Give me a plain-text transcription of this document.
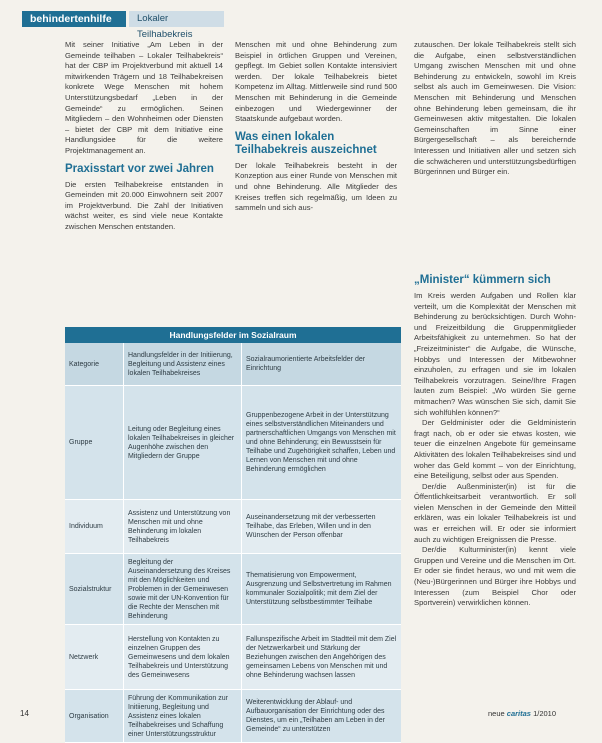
behindertenhilfe	Lokaler Teilhabekreis

Mit seiner Initiative „Am Leben in der Gemeinde teilhaben – Lokaler Teilhabekreis“ hat der CBP im Projektverbund mit aktuell 14 mitwirkenden Trägern und 18 Teilhabekreisen konkrete Wege Menschen mit hohem Unterstützungsbedarf „Leben in der Gemeinde“ zu ermöglichen. Seinen Mitgliedern – den Wohnheimen oder Diensten – bietet der CBP mit dem Initiative eine Handlungsidee für die weitere Projektmanagement an.

Praxisstart vor zwei Jahren

Die ersten Teilhabekreise entstanden in Gemeinden mit 20.000 Einwohnern seit 2007 im Projektverbund. Die Zahl der Initiativen wächst weiter, es sind viele neue Kontakte zwischen Menschen entstanden.

Menschen mit und ohne Behinderung zum Beispiel in örtlichen Gruppen und Vereinen, gepflegt. Im Gebiet sollen Kontakte intensiviert werden. Der lokale Teilhabekreis bietet Kompetenz im Alltag. Mittlerweile sind rund 500 Menschen mit Behinderung in die Gemeinde einbezogen und Wiedergewinner der Staatskunde aufgebaut worden.

Was einen lokalen Teilhabekreis auszeichnet

Der lokale Teilhabekreis besteht in der Konzeption aus einer Runde von Menschen mit und ohne Behinderung. Alle Mitglieder des Kreises treffen sich regelmäßig, um Ideen zu sammeln und sich aus-

zutauschen. Der lokale Teilhabekreis stellt sich die Aufgabe, einen selbstverständlichen Umgang zwischen Menschen mit und ohne Behinderung zu entwickeln, sowohl im Kreis selbst als auch im Gemeinwesen. Die Vision: Menschen mit Behinderung und Menschen ohne Behinderung leben gemeinsam, die ihr Gemeinwesen aktiv mitgestalten. Die lokalen Gemeinschaften im Sinne einer Bürgergesellschaft – als bereichernde Interessen und Initiativen aller und setzen sich die schwächeren und unterstützungsbedürftigen Bürgerinnen und Bürger ein.

„Minister“ kümmern sich

Im Kreis werden Aufgaben und Rollen klar verteilt, um die Komplexität der Menschen mit Behinderung zu berücksichtigen. Durch Wohn- und Freizeitbildung die Gruppenmitglieder Arbeitsfähigkeit zu unternehmen. So hat der „Freizeitminister“ die Aufgabe, die Wünsche, Hobbys und Interessen der Mitbewohner einzuholen, zu erfragen und sie im lokalen Teilhabekreis vorzutragen. Seine/Ihre Fragen lauten zum Beispiel: „Wo würden Sie gerne mitmachen? Was wünschen Sie sich, damit Sie sich wohlfühlen können?“

Der Geldminister oder die Geldministerin fragt nach, ob er oder sie etwas kosten, wie teuer die einzelnen Angebote für gemeinsame Aktivitäten des lokalen Teilhabekreises sind und woher das Geld kommt – von der Einrichtung, eine Beteiligung, selbst oder aus Spenden.

Der/die Außenminister(in) ist für die Öffentlichkeitsarbeit verantwortlich. Er soll vielen Menschen in der Gemeinde den Mitteil erklären, was ein lokaler Teilhabekreis ist und was er erreichen will. Er oder sie informiert auch zu wichtigen Ereignissen die Presse.

Der/die Kulturminister(in) kennt viele Gruppen und Vereine und die Menschen im Ort. Er oder sie findet heraus, wo und mit wem die (Neu-)Bürgerinnen und Bürger ihre Hobbys und Interessen (zum Beispiel Chor oder Sportverein) verwirklichen können.

Handlungsfelder im Sozialraum
Kategorie
Handlungsfelder in der Initiierung, Begleitung und Assistenz eines lokalen Teilhabekreises
Sozialraumorientierte Arbeitsfelder der Einrichtung
Gruppe
Leitung oder Begleitung eines lokalen Teilhabekreises in gleicher Augenhöhe zwischen den Mitgliedern der Gruppe
Gruppenbezogene Arbeit in der Unterstützung eines selbstverständlichen Miteinanders und partnerschaftlichen Umgangs von Menschen mit und ohne Behinderung; ein Bewusstsein für Teilhabe und Zugehörigkeit schaffen, Leben und Lernen von Menschen mit und ohne Behinderung ermöglichen
Individuum
Assistenz und Unterstützung von Menschen mit und ohne Behinderung im lokalen Teilhabekreis
Auseinandersetzung mit der verbesserten Teilhabe, das Erleben, Willen und in den Wünschen der Person offenbar
Sozialstruktur
Begleitung der Auseinandersetzung des Kreises mit den Möglichkeiten und Problemen in der Gemeinwesen sowie mit der UN-Konvention für die Rechte der Menschen mit Behinderung
Thematisierung von Empowerment, Ausgrenzung und Selbstvertretung im Rahmen kommunaler Sozialpolitik; mit dem Ziel der Unterstützung selbstbestimmter Teilhabe
Netzwerk
Herstellung von Kontakten zu einzelnen Gruppen des Gemeinwesens und dem lokalen Teilhabekreis und Unterstützung des Gemeinwesens
Fallunspezifische Arbeit im Stadtteil mit dem Ziel der Netzwerkarbeit und Stärkung der Beziehungen zwischen den Angehörigen des gemeinsamen Lebens von Menschen mit und ohne Behinderung wachsen lassen
Organisation
Führung der Kommunikation zur Initiierung, Begleitung und Assistenz eines lokalen Teilhabekreises und Schaffung einer Unterstützungsstruktur
Weiterentwicklung der Ablauf- und Aufbauorganisation der Einrichtung oder des Dienstes, um ein „Teilhaben am Leben in der Gemeinde“ zu unterstützen
14	neue caritas 1/2010
